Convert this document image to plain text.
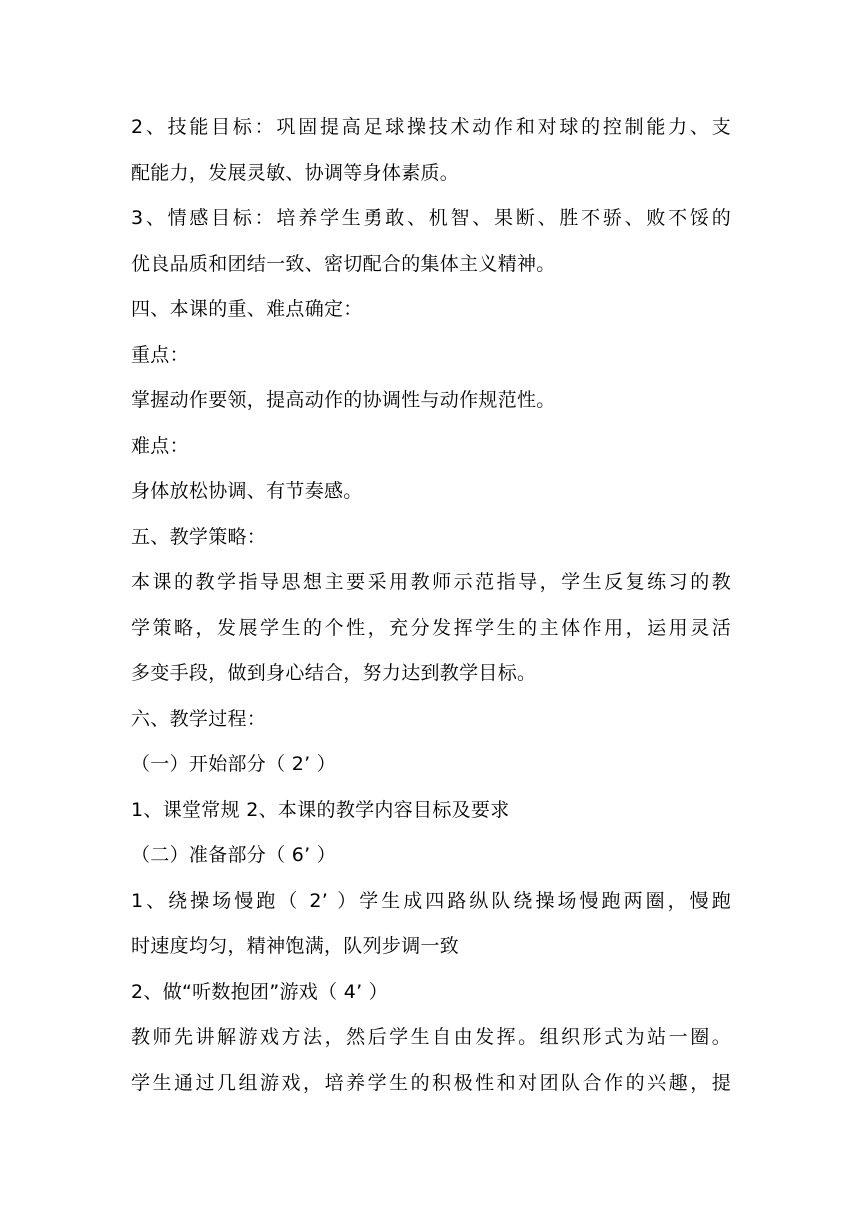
2、技能目标：巩固提高足球操技术动作和对球的控制能力、支
配能力，发展灵敏、协调等身体素质。
3、情感目标：培养学生勇敢、机智、果断、胜不骄、败不馁的
优良品质和团结一致、密切配合的集体主义精神。
四、本课的重、难点确定：
重点：
掌握动作要领，提高动作的协调性与动作规范性。
难点：
身体放松协调、有节奏感。
五、教学策略：
本课的教学指导思想主要采用教师示范指导，学生反复练习的教
学策略，发展学生的个性，充分发挥学生的主体作用，运用灵活
多变手段，做到身心结合，努力达到教学目标。
六、教学过程：
（一）开始部分（ 2’ ）
1、课堂常规 2、本课的教学内容目标及要求
（二）准备部分（ 6’ ）
1、绕操场慢跑（ 2’ ）学生成四路纵队绕操场慢跑两圈，慢跑
时速度均匀，精神饱满，队列步调一致
2、做“听数抱团”游戏（ 4’ ）
教师先讲解游戏方法，然后学生自由发挥。组织形式为站一圈。
学生通过几组游戏，培养学生的积极性和对团队合作的兴趣，提
